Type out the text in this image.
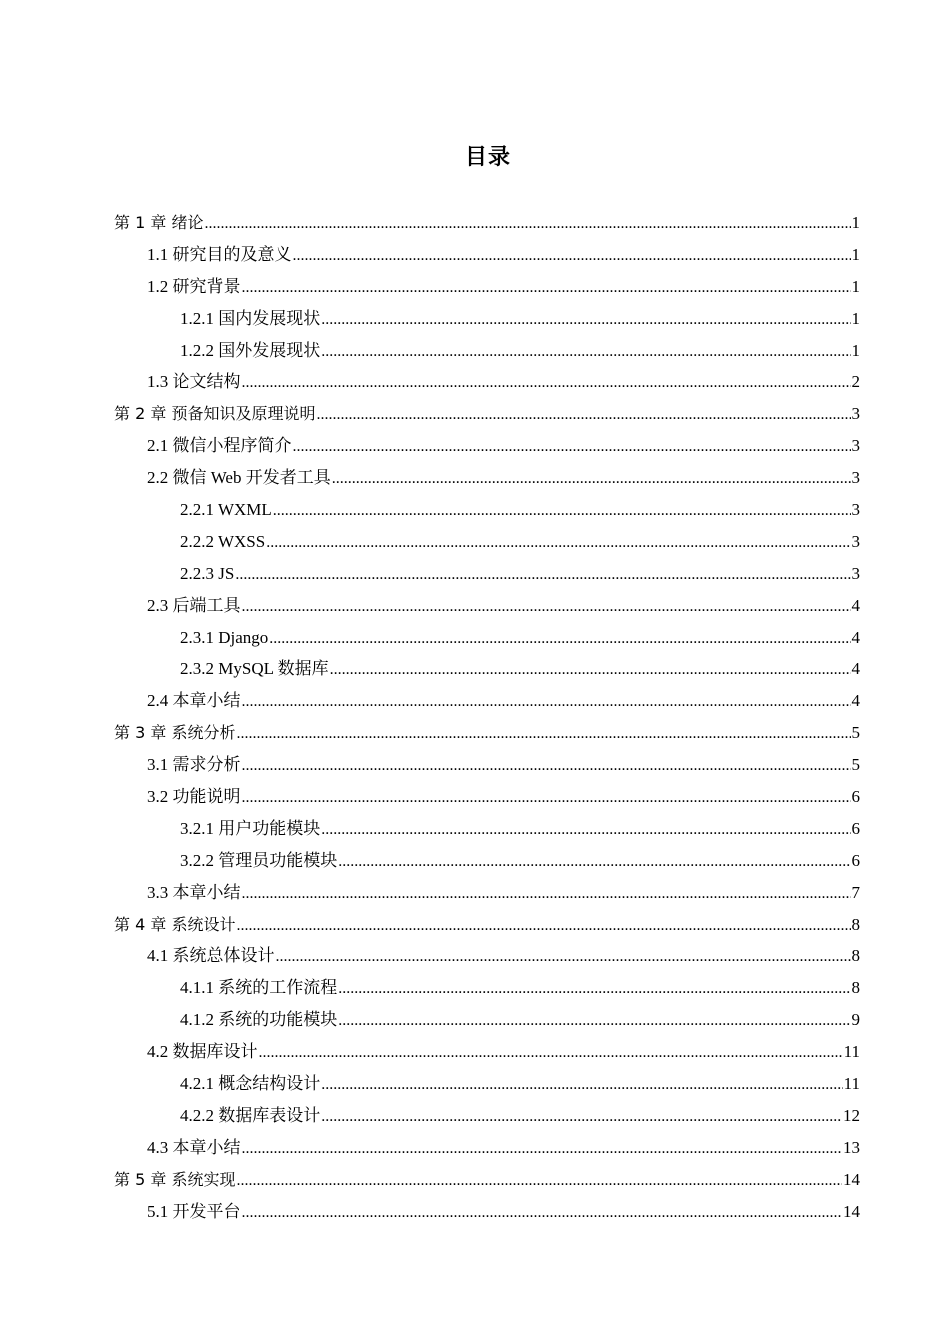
目录
第 1 章 绪论 .....	1
1.1 研究目的及意义 .....	1
1.2 研究背景 .....	1
1.2.1 国内发展现状 .....	1
1.2.2 国外发展现状 .....	1
1.3 论文结构 .....	2
第 2 章 预备知识及原理说明 .....	3
2.1 微信小程序简介 .....	3
2.2 微信 Web 开发者工具 .....	3
2.2.1 WXML .....	3
2.2.2 WXSS .....	3
2.2.3 JS .....	3
2.3 后端工具 .....	4
2.3.1 Django .....	4
2.3.2 MySQL 数据库 .....	4
2.4 本章小结 .....	4
第 3 章 系统分析 .....	5
3.1 需求分析 .....	5
3.2 功能说明 .....	6
3.2.1 用户功能模块 .....	6
3.2.2 管理员功能模块 .....	6
3.3 本章小结 .....	7
第 4 章 系统设计 .....	8
4.1 系统总体设计 .....	8
4.1.1 系统的工作流程 .....	8
4.1.2 系统的功能模块 .....	9
4.2 数据库设计 .....	11
4.2.1 概念结构设计 .....	11
4.2.2 数据库表设计 .....	12
4.3 本章小结 .....	13
第 5 章 系统实现 .....	14
5.1 开发平台 .....	14
